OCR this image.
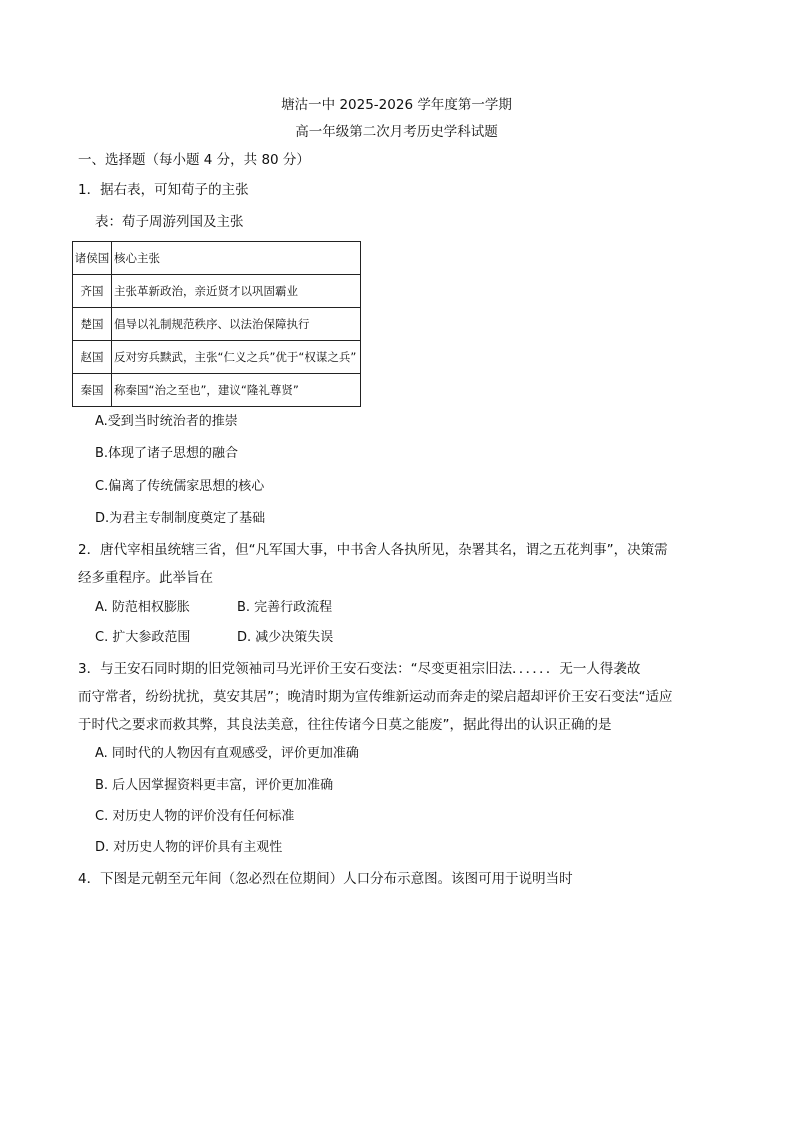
塘沽一中 2025-2026 学年度第一学期
高一年级第二次月考历史学科试题
一、选择题（每小题 4 分，共 80 分）
1．据右表，可知荀子的主张
表：荀子周游列国及主张
诸侯国	核心主张
齐国	主张革新政治，亲近贤才以巩固霸业
楚国	倡导以礼制规范秩序、以法治保障执行
赵国	反对穷兵黩武，主张“仁义之兵”优于“权谋之兵”
秦国	称秦国“治之至也”，建议“隆礼尊贤”
A.受到当时统治者的推崇
B.体现了诸子思想的融合
C.偏离了传统儒家思想的核心
D.为君主专制制度奠定了基础
2．唐代宰相虽统辖三省，但“凡军国大事，中书舍人各执所见，杂署其名，谓之五花判事”，决策需
经多重程序。此举旨在
A. 防范相权膨胀	B. 完善行政流程
C. 扩大参政范围	D. 减少决策失误
3．与王安石同时期的旧党领袖司马光评价王安石变法：“尽变更祖宗旧法．．．．．．无一人得袭故
而守常者，纷纷扰扰，莫安其居”；晚清时期为宣传维新运动而奔走的梁启超却评价王安石变法“适应
于时代之要求而救其弊，其良法美意，往往传诸今日莫之能废”，据此得出的认识正确的是
A. 同时代的人物因有直观感受，评价更加准确
B. 后人因掌握资料更丰富，评价更加准确
C. 对历史人物的评价没有任何标准
D. 对历史人物的评价具有主观性
4．下图是元朝至元年间（忽必烈在位期间）人口分布示意图。该图可用于说明当时
